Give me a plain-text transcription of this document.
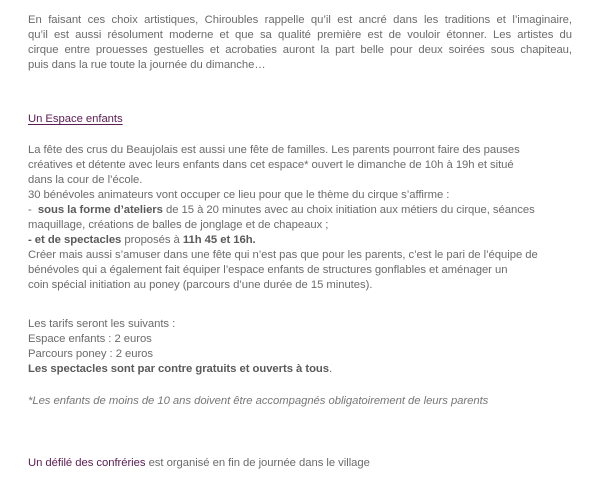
En faisant ces choix artistiques, Chiroubles rappelle qu’il est ancré dans les traditions et l’imaginaire,
qu’il est aussi résolument moderne et que sa qualité première est de vouloir étonner. Les artistes du
cirque entre prouesses gestuelles et acrobaties auront la part belle pour deux soirées sous chapiteau,
puis dans la rue toute la journée du dimanche…
Un Espace enfants
La fête des crus du Beaujolais est aussi une fête de familles. Les parents pourront faire des pauses
créatives et détente avec leurs enfants dans cet espace* ouvert le dimanche de 10h à 19h et situé
dans la cour de l’école.
30 bénévoles animateurs vont occuper ce lieu pour que le thème du cirque s’affirme :
-  sous la forme d’ateliers de 15 à 20 minutes avec au choix initiation aux métiers du cirque, séances
maquillage, créations de balles de jonglage et de chapeaux ;
- et de spectacles proposés à 11h 45 et 16h.
Créer mais aussi s’amuser dans une fête qui n’est pas que pour les parents, c’est le pari de l’équipe de
bénévoles qui a également fait équiper l’espace enfants de structures gonflables et aménager un
coin spécial initiation au poney (parcours d’une durée de 15 minutes).
Les tarifs seront les suivants :
Espace enfants : 2 euros
Parcours poney : 2 euros
Les spectacles sont par contre gratuits et ouverts à tous.
*Les enfants de moins de 10 ans doivent être accompagnés obligatoirement de leurs parents
Un défilé des confréries est organisé en fin de journée dans le village
